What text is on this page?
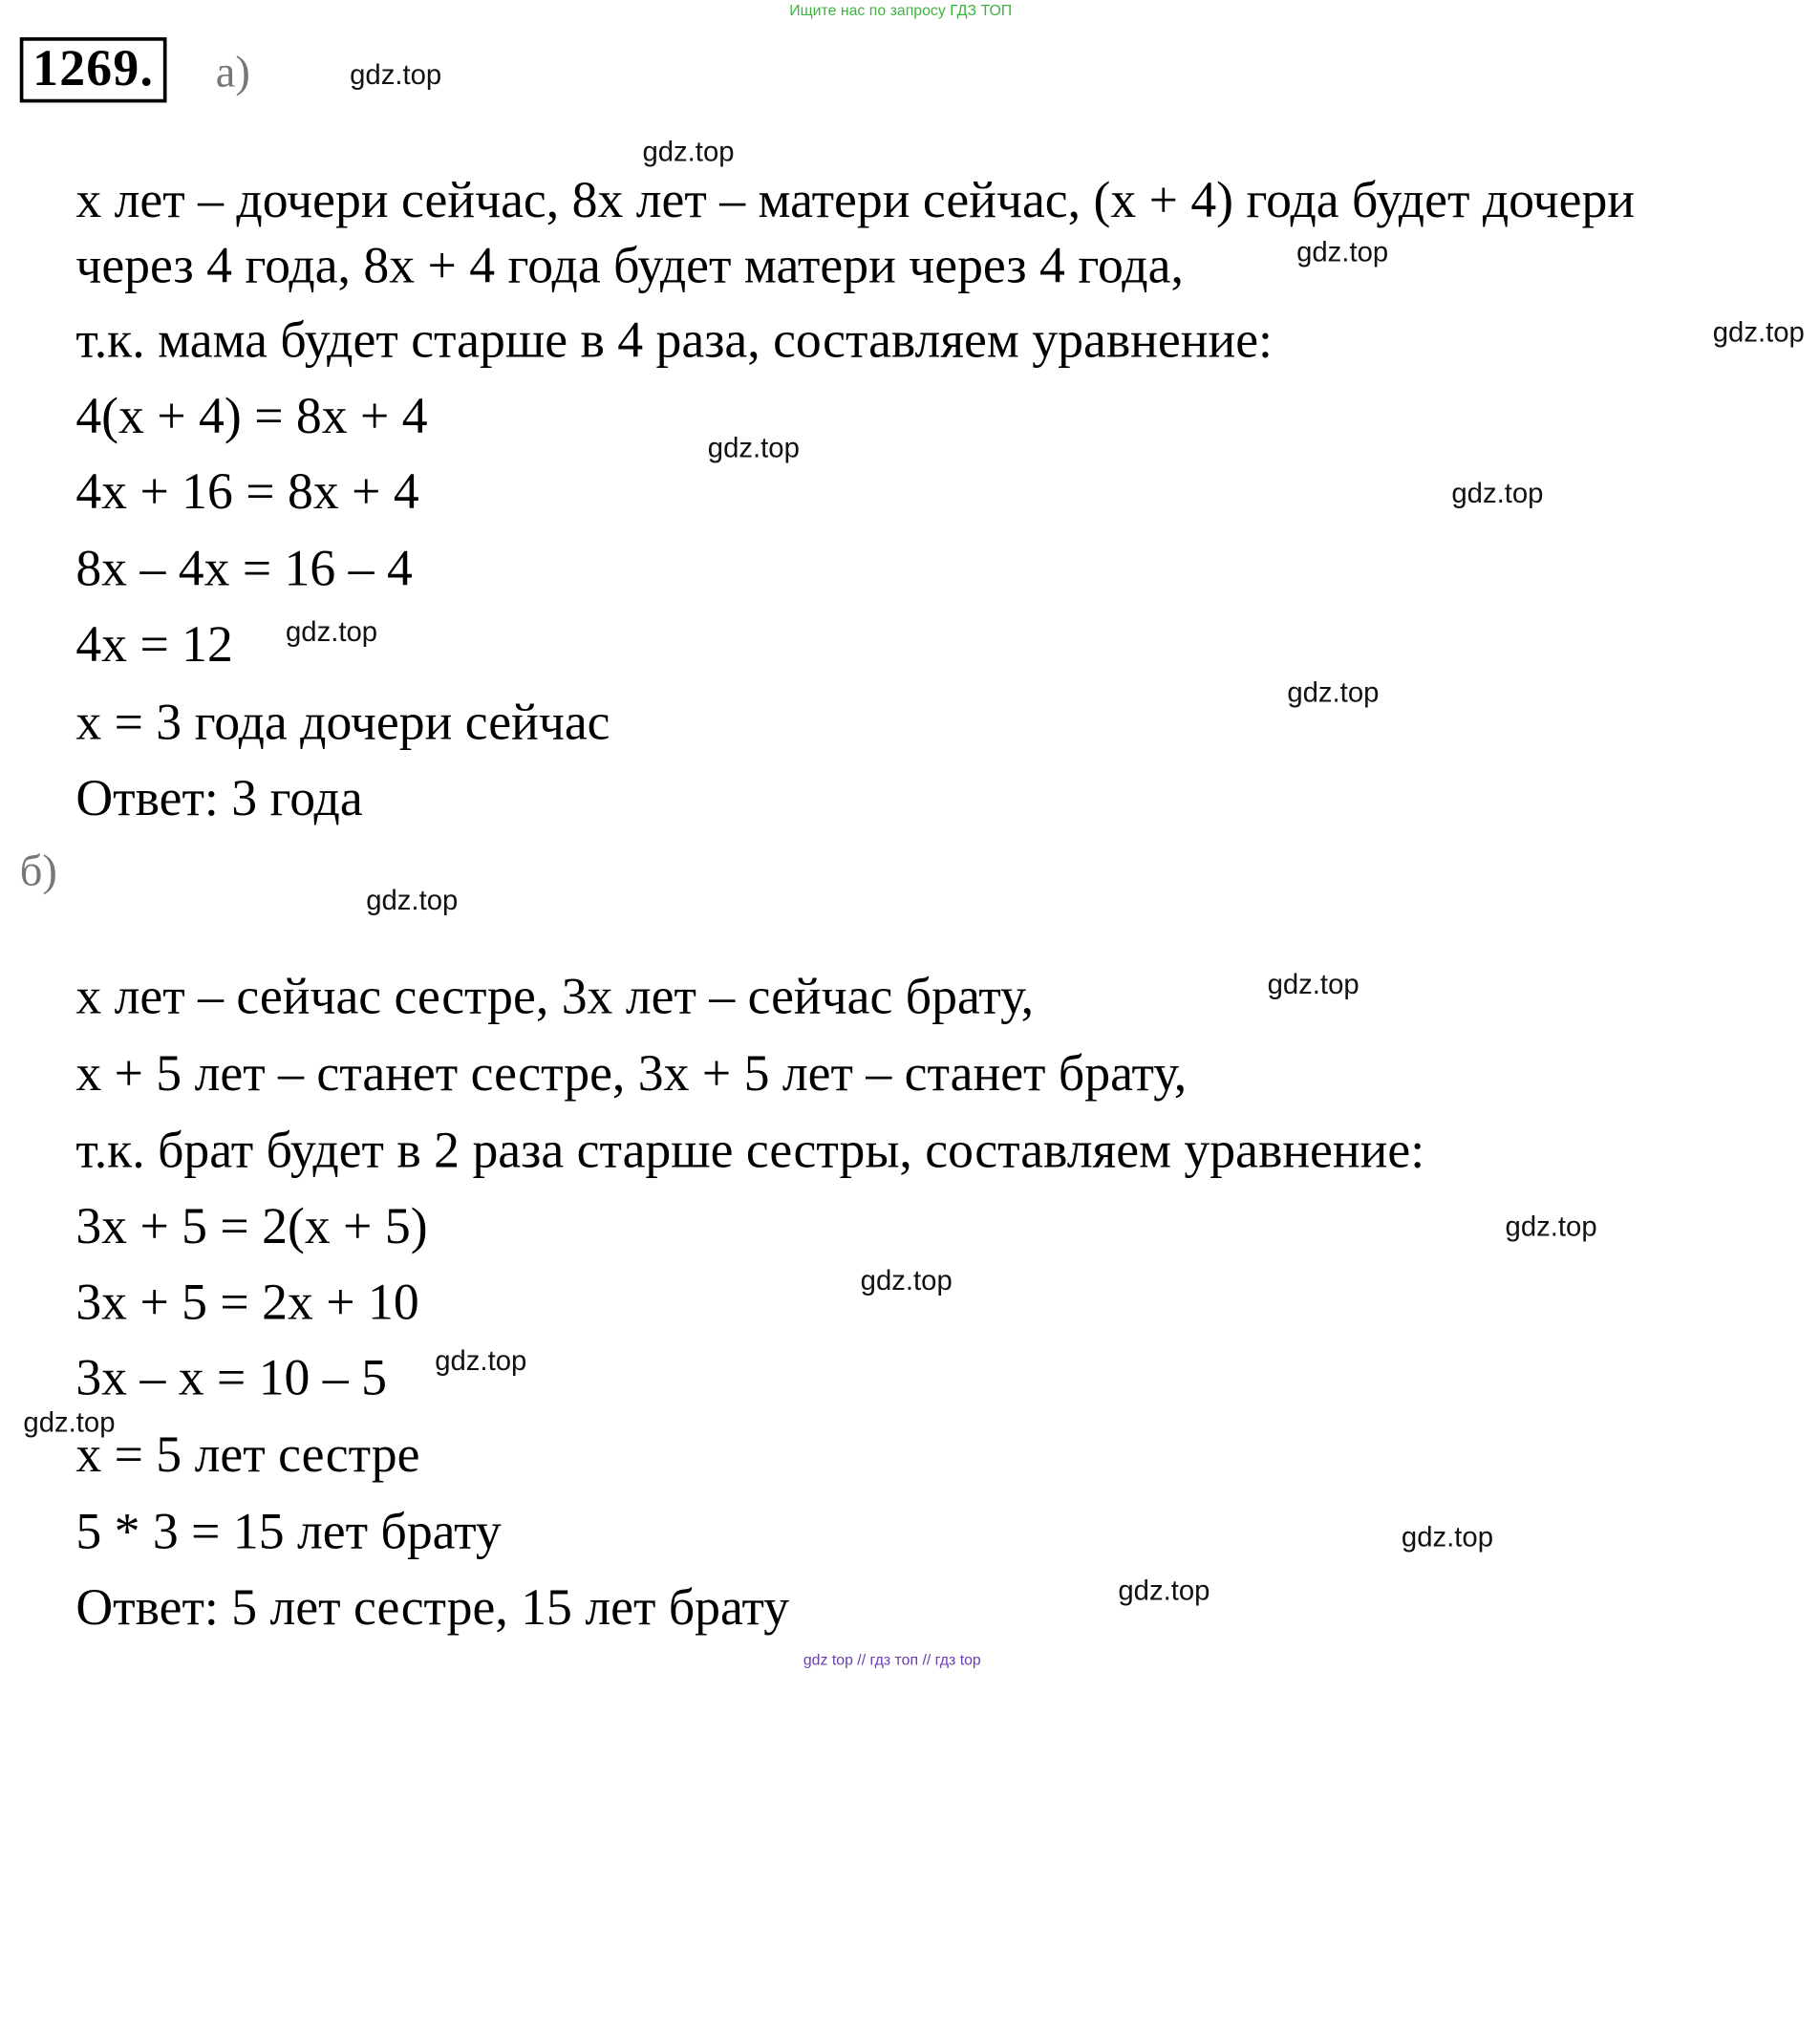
Ищите нас по запросу ГДЗ ТОП
1269.	а)
x лет – дочери сейчас, 8x лет – матери сейчас, (x + 4) года будет дочери
через 4 года, 8x + 4 года будет матери через 4 года,
т.к. мама будет старше в 4 раза, составляем уравнение:
4(x + 4) = 8x + 4
4x + 16 = 8x + 4
8x – 4x = 16 – 4
4x = 12
x = 3 года дочери сейчас
Ответ: 3 года
б)
x лет – сейчас сестре, 3x лет – сейчас брату,
x + 5 лет – станет сестре, 3x + 5 лет – станет брату,
т.к. брат будет в 2 раза старше сестры, составляем уравнение:
3x + 5 = 2(x + 5)
3x + 5 = 2x + 10
3x – x = 10 – 5
x = 5 лет сестре
5 * 3 = 15 лет брату
Ответ: 5 лет сестре, 15 лет брату
gdz.top
gdz.top
gdz.top
gdz.top
gdz.top
gdz.top
gdz.top
gdz.top
gdz.top
gdz.top
gdz.top
gdz.top
gdz.top
gdz.top
gdz.top
gdz.top
gdz top // гдз топ // гдз top
